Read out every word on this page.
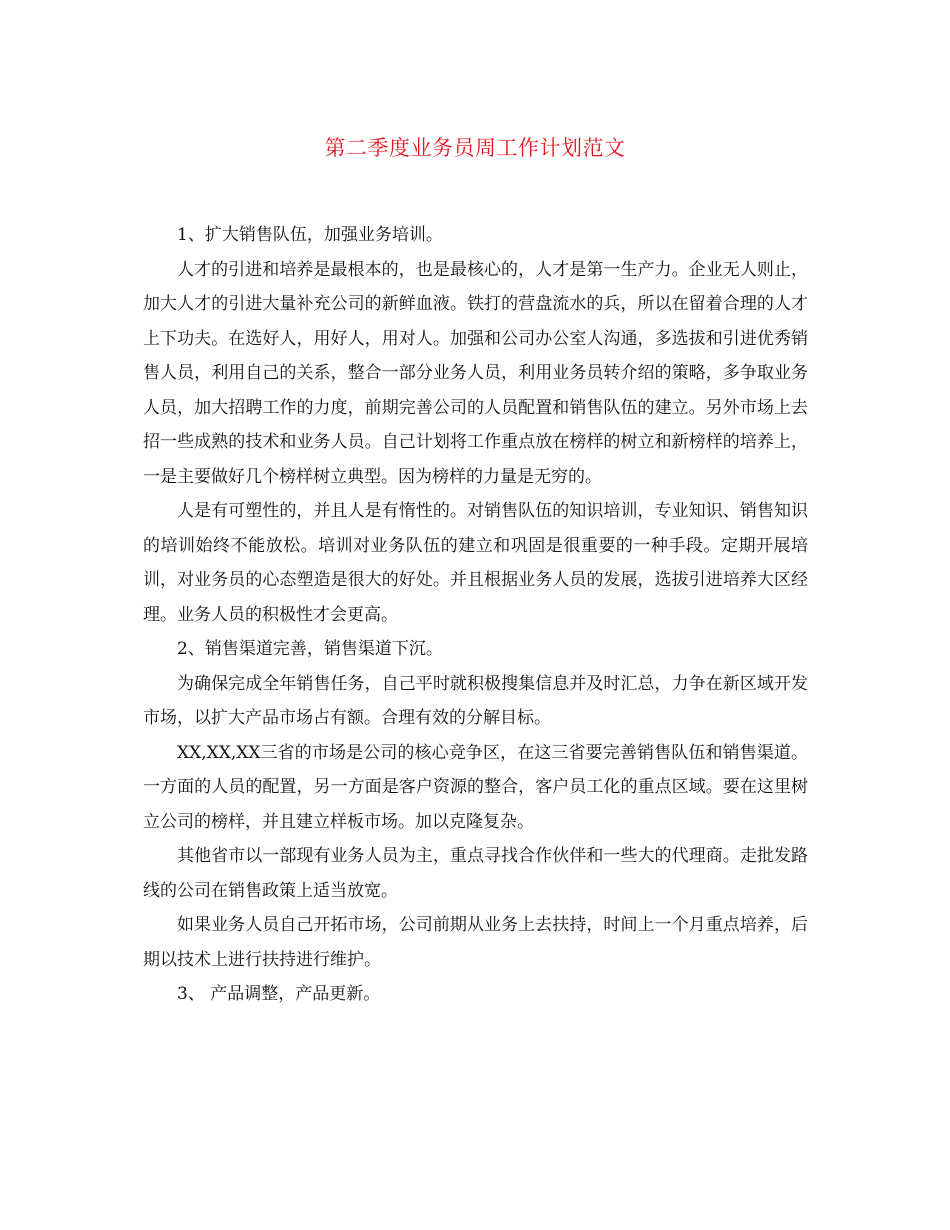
第二季度业务员周工作计划范文

1、扩大销售队伍，加强业务培训。

人才的引进和培养是最根本的，也是最核心的，人才是第一生产力。企业无人则止，加大人才的引进大量补充公司的新鲜血液。铁打的营盘流水的兵，所以在留着合理的人才上下功夫。在选好人，用好人，用对人。加强和公司办公室人沟通，多选拔和引进优秀销售人员，利用自己的关系，整合一部分业务人员，利用业务员转介绍的策略，多争取业务人员，加大招聘工作的力度，前期完善公司的人员配置和销售队伍的建立。另外市场上去招一些成熟的技术和业务人员。自己计划将工作重点放在榜样的树立和新榜样的培养上，一是主要做好几个榜样树立典型。因为榜样的力量是无穷的。

人是有可塑性的，并且人是有惰性的。对销售队伍的知识培训，专业知识、销售知识的培训始终不能放松。培训对业务队伍的建立和巩固是很重要的一种手段。定期开展培训，对业务员的心态塑造是很大的好处。并且根据业务人员的发展，选拔引进培养大区经理。业务人员的积极性才会更高。

2、销售渠道完善，销售渠道下沉。

为确保完成全年销售任务，自己平时就积极搜集信息并及时汇总，力争在新区域开发市场，以扩大产品市场占有额。合理有效的分解目标。

XX,XX,XX三省的市场是公司的核心竞争区，在这三省要完善销售队伍和销售渠道。一方面的人员的配置，另一方面是客户资源的整合，客户员工化的重点区域。要在这里树立公司的榜样，并且建立样板市场。加以克隆复杂。

其他省市以一部现有业务人员为主，重点寻找合作伙伴和一些大的代理商。走批发路线的公司在销售政策上适当放宽。

如果业务人员自己开拓市场，公司前期从业务上去扶持，时间上一个月重点培养，后期以技术上进行扶持进行维护。

3、 产品调整，产品更新。
